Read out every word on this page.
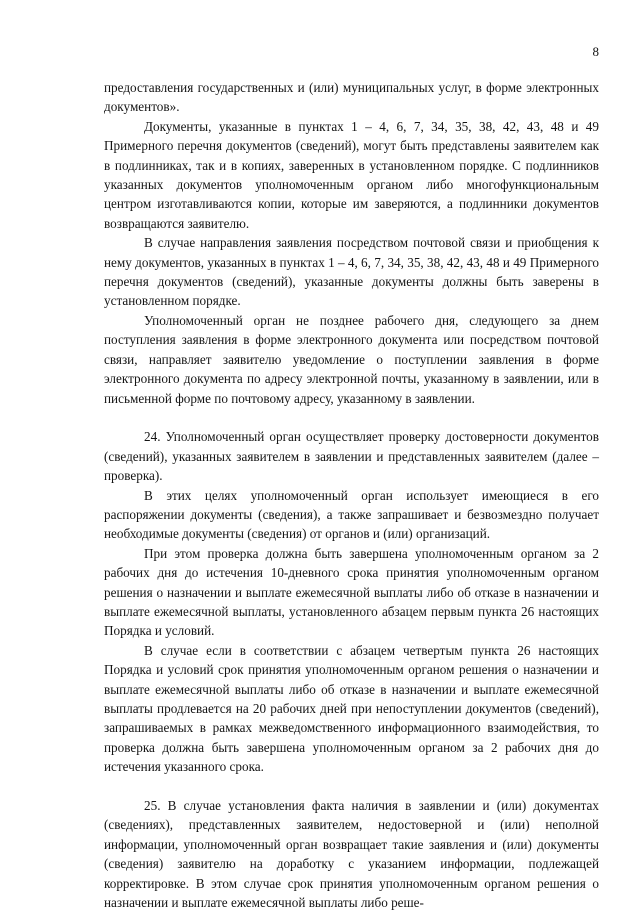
8

предоставления государственных и (или) муниципальных услуг, в форме электронных документов».

Документы, указанные в пунктах 1 – 4, 6, 7, 34, 35, 38, 42, 43, 48 и 49 Примерного перечня документов (сведений), могут быть представлены заявителем как в подлинниках, так и в копиях, заверенных в установленном порядке. С подлинников указанных документов уполномоченным органом либо многофункциональным центром изготавливаются копии, которые им заверяются, а подлинники документов возвращаются заявителю.

В случае направления заявления посредством почтовой связи и приобщения к нему документов, указанных в пунктах 1 – 4, 6, 7, 34, 35, 38, 42, 43, 48 и 49 Примерного перечня документов (сведений), указанные документы должны быть заверены в установленном порядке.

Уполномоченный орган не позднее рабочего дня, следующего за днем поступления заявления в форме электронного документа или посредством почтовой связи, направляет заявителю уведомление о поступлении заявления в форме электронного документа по адресу электронной почты, указанному в заявлении, или в письменной форме по почтовому адресу, указанному в заявлении.

24. Уполномоченный орган осуществляет проверку достоверности документов (сведений), указанных заявителем в заявлении и представленных заявителем (далее – проверка).

В этих целях уполномоченный орган использует имеющиеся в его распоряжении документы (сведения), а также запрашивает и безвозмездно получает необходимые документы (сведения) от органов и (или) организаций.

При этом проверка должна быть завершена уполномоченным органом за 2 рабочих дня до истечения 10-дневного срока принятия уполномоченным органом решения о назначении и выплате ежемесячной выплаты либо об отказе в назначении и выплате ежемесячной выплаты, установленного абзацем первым пункта 26 настоящих Порядка и условий.

В случае если в соответствии с абзацем четвертым пункта 26 настоящих Порядка и условий срок принятия уполномоченным органом решения о назначении и выплате ежемесячной выплаты либо об отказе в назначении и выплате ежемесячной выплаты продлевается на 20 рабочих дней при непоступлении документов (сведений), запрашиваемых в рамках межведомственного информационного взаимодействия, то проверка должна быть завершена уполномоченным органом за 2 рабочих дня до истечения указанного срока.

25. В случае установления факта наличия в заявлении и (или) документах (сведениях), представленных заявителем, недостоверной и (или) неполной информации, уполномоченный орган возвращает такие заявления и (или) документы (сведения) заявителю на доработку с указанием информации, подлежащей корректировке. В этом случае срок принятия уполномоченным органом решения о назначении и выплате ежемесячной выплаты либо реше-
